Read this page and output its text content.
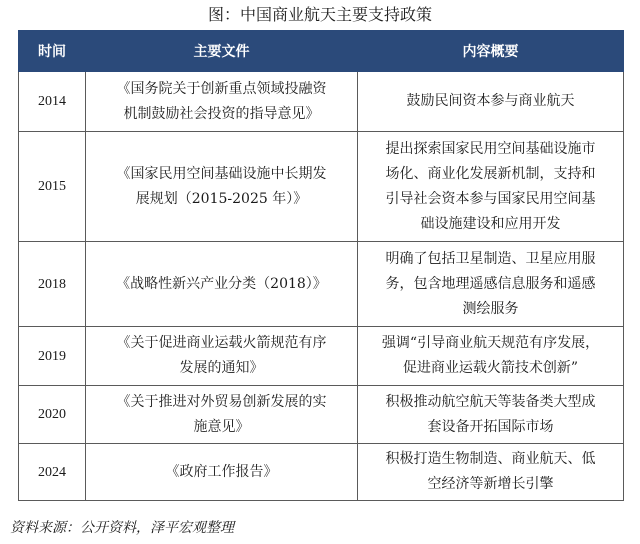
图：中国商业航天主要支持政策
时间	主要文件	内容概要
2014	《国务院关于创新重点领域投融资
机制鼓励社会投资的指导意见》	鼓励民间资本参与商业航天

2015	《国家民用空间基础设施中长期发
展规划（2015-2025 年）》	提出探索国家民用空间基础设施市
场化、商业化发展新机制，支持和
引导社会资本参与国家民用空间基
础设施建设和应用开发

2018	《战略性新兴产业分类（2018）》	明确了包括卫星制造、卫星应用服
务，包含地理遥感信息服务和遥感
测绘服务

2019	《关于促进商业运载火箭规范有序
发展的通知》	强调“引导商业航天规范有序发展，
促进商业运载火箭技术创新”

2020	《关于推进对外贸易创新发展的实
施意见》	积极推动航空航天等装备类大型成
套设备开拓国际市场

2024	《政府工作报告》	积极打造生物制造、商业航天、低
空经济等新增长引擎
资料来源：公开资料，泽平宏观整理
